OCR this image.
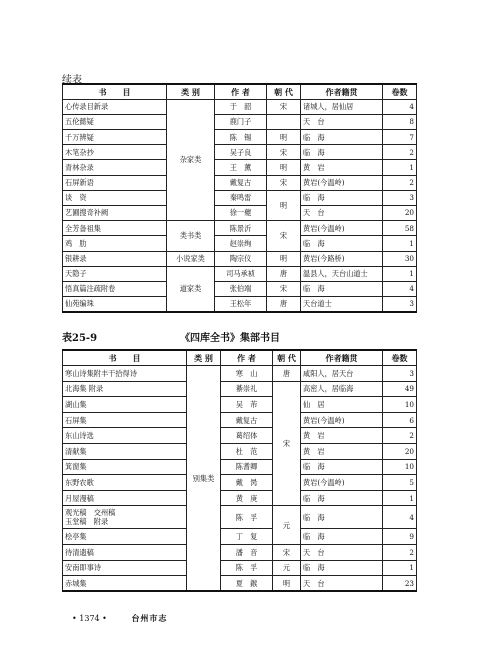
续表
书　　目	类 别	作 者	朝 代	作者籍贯	卷数
心传录目新录	杂家类	于　韶	宋	诸城人，居仙居	4
五伦懿疑		鹿门子		天　台	8
千万辨疑		陈　锡	明	临　海	7
木笔杂抄		吴子良	宋	临　海	2
青林杂录		王　薰	明	黄　岩	1
石屏新语		戴复古	宋	黄岩(今温岭)	2
谈　资		秦鸣雷	明	临　海	3
艺圃搜奇补阙		徐一夔		天　台	20
全芳备祖集	类书类	陈景沂	宋	黄岩(今温岭)	58
鸡　肋		赵崇绚		临　海	1
银耕录	小说家类	陶宗仪	明	黄岩(今路桥)	30
天隐子	道家类	司马承祯	唐	温县人，天台山道士	1
悟真篇注疏附卷		张伯端	宋	临　海	4
仙苑编珠		王松年	唐	天台道士	3
表25-9	《四库全书》集部书目
书　　目	类 别	作 者	朝 代	作者籍贯	卷数
寒山诗集附丰干拾得诗	别集类	寒　山	唐	咸阳人，居天台	3
北海集 附录		綦崇礼	宋	高密人，居临海	49
湖山集		吴　芾		仙　居	10
石屏集		戴复古		黄岩(今温岭)	6
东山诗选		葛绍体		黄　岩	2
清献集		杜　范		黄　岩	20
箕窗集		陈耆卿		临　海	10
东野农歌		戴　昺		黄岩(今温岭)	5
月屋漫稿		黄　庚		临　海	1
观光稿　交州稿
玉堂稿　附录		陈　孚	元	临　海	4
桧亭集		丁　复		临　海	9
待清遗稿		潘　音	宋	天　台	2
安南即事诗		陈　孚	元	临　海	1
赤城集		夏　鍭	明	天　台	23
• 1374 •	台州市志
